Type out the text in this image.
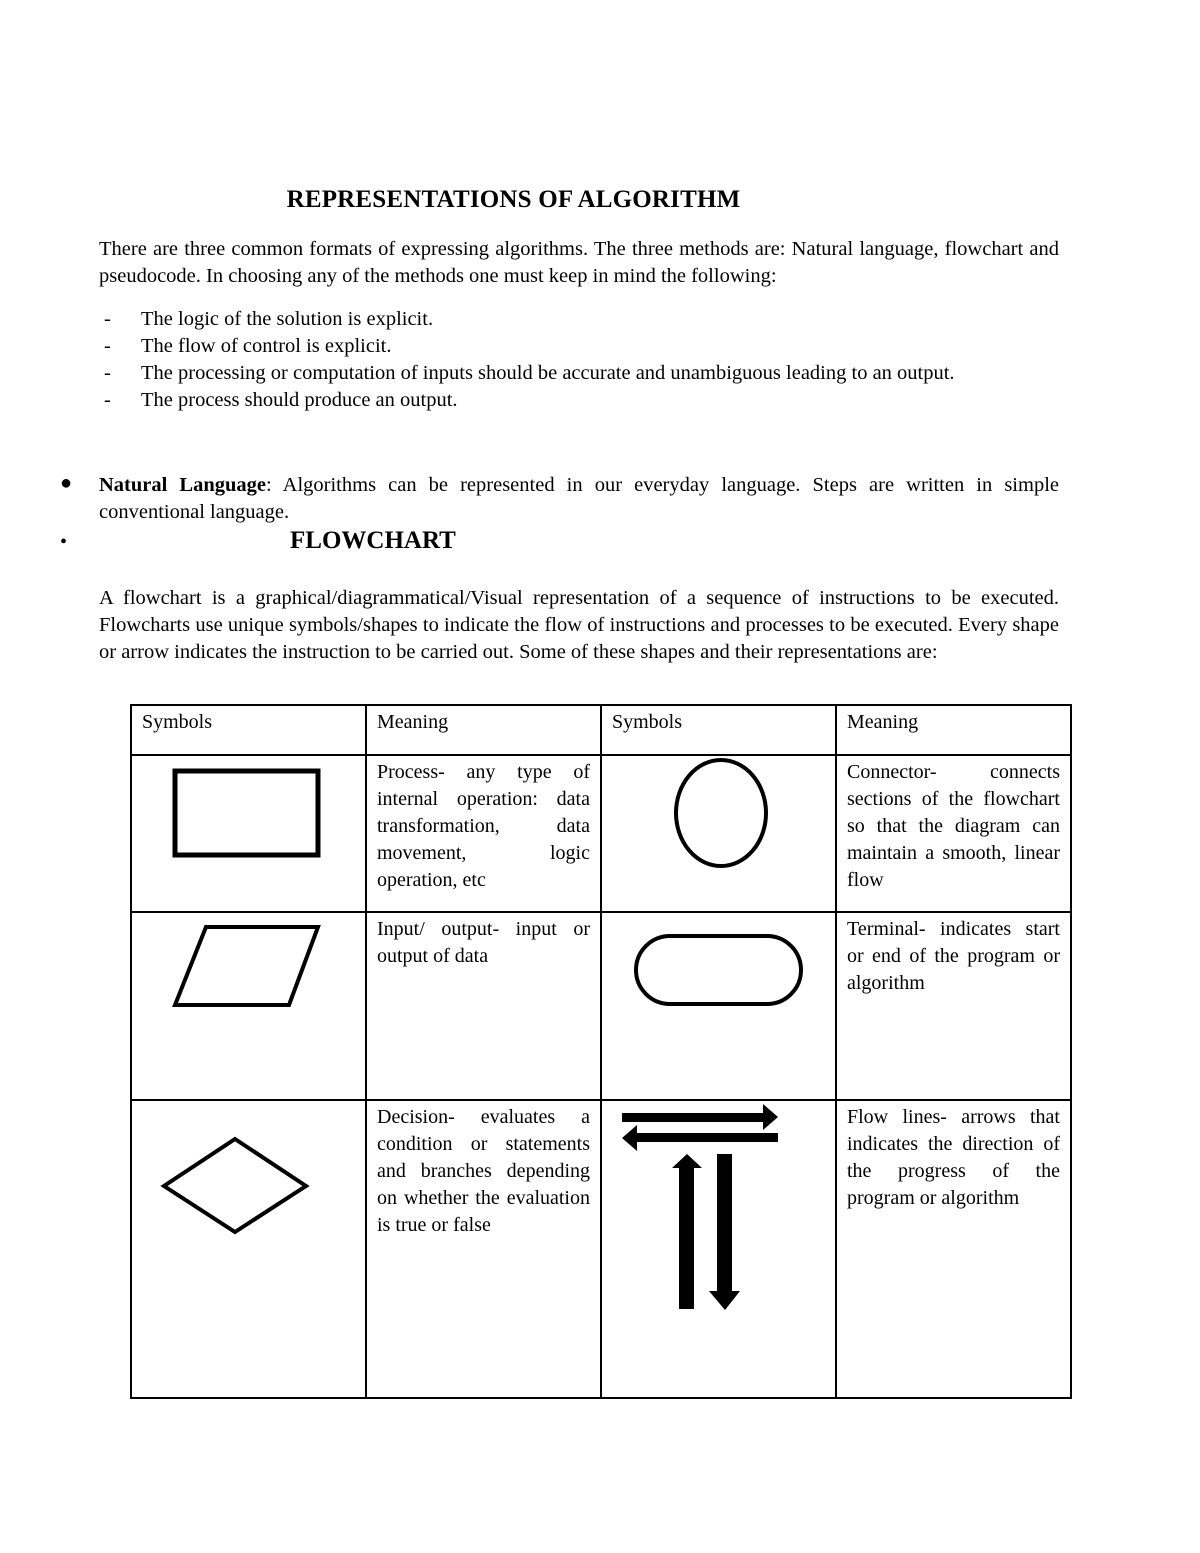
REPRESENTATIONS OF ALGORITHM
There are three common formats of expressing algorithms. The three methods are: Natural language, flowchart and pseudocode. In choosing any of the methods one must keep in mind the following:
- The logic of the solution is explicit.
- The flow of control is explicit.
- The processing or computation of inputs should be accurate and unambiguous leading to an output.
- The process should produce an output.
● Natural Language: Algorithms can be represented in our everyday language. Steps are written in simple conventional language.
•	FLOWCHART
A flowchart is a graphical/diagrammatical/Visual representation of a sequence of instructions to be executed. Flowcharts use unique symbols/shapes to indicate the flow of instructions and processes to be executed. Every shape or arrow indicates the instruction to be carried out. Some of these shapes and their representations are:
Symbols	Meaning	Symbols	Meaning

	Process- any type of internal operation: data transformation, data movement, logic operation, etc		Connector- connects sections of the flowchart so that the diagram can maintain a smooth, linear flow

	Input/ output- input or output of data		Terminal- indicates start or end of the program or algorithm

	Decision- evaluates a condition or statements and branches depending on whether the evaluation is true or false		Flow lines- arrows that indicates the direction of the progress of the program or algorithm
